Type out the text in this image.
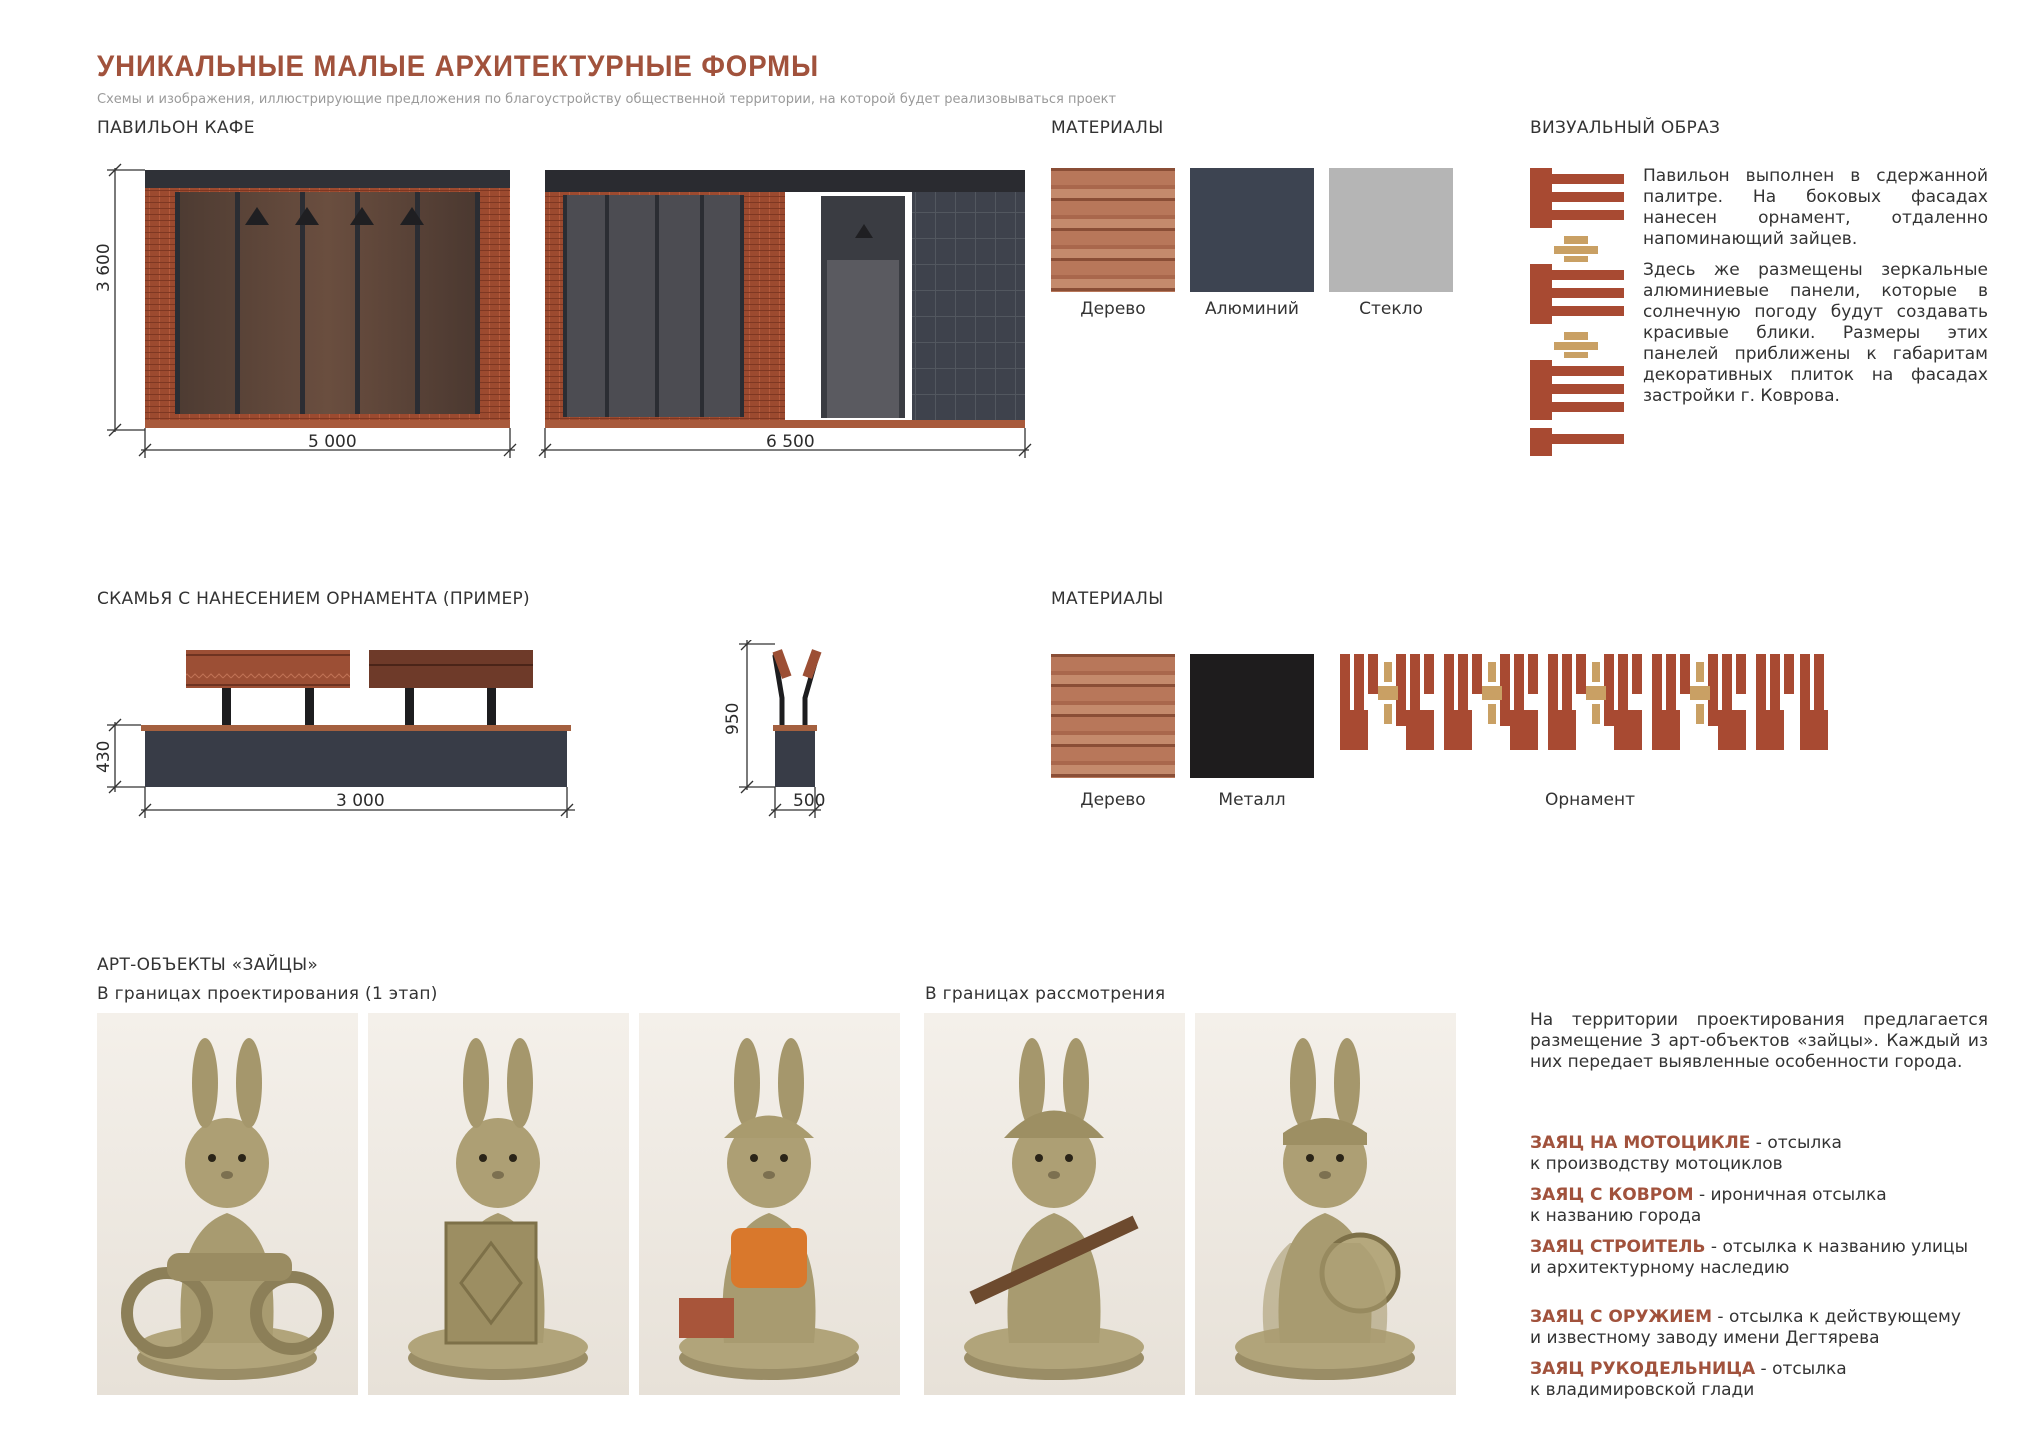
УНИКАЛЬНЫЕ МАЛЫЕ АРХИТЕКТУРНЫЕ ФОРМЫ
Схемы и изображения, иллюстрирующие предложения по благоустройству общественной территории, на которой будет реализовываться проект
ПАВИЛЬОН КАФЕ
3 600
5 000	6 500
МАТЕРИАЛЫ
Дерево	Алюминий	Стекло
ВИЗУАЛЬНЫЙ ОБРАЗ

Павильон выполнен в сдержанной палитре. На боковых фасадах нанесен орнамент, отдаленно напоминающий зайцев.

Здесь же размещены зеркальные алюминиевые панели, которые в солнечную погоду будут создавать красивые блики. Размеры этих панелей приближены к габаритам декоративных плиток на фасадах застройки г. Коврова.

СКАМЬЯ С НАНЕСЕНИЕМ ОРНАМЕНТА (ПРИМЕР)
430
3 000
950
500
МАТЕРИАЛЫ
Дерево	Металл	Орнамент
АРТ-ОБЪЕКТЫ «ЗАЙЦЫ»
В границах проектирования (1 этап)	В границах рассмотрения
На территории проектирования предлагается размещение 3 арт-объектов «зайцы». Каждый из них передает выявленные особенности города.
ЗАЯЦ НА МОТОЦИКЛЕ - отсылка
к производству мотоциклов
ЗАЯЦ С КОВРОМ - ироничная отсылка
к названию города
ЗАЯЦ СТРОИТЕЛЬ - отсылка к названию улицы
и архитектурному наследию
ЗАЯЦ С ОРУЖИЕМ - отсылка к действующему
и известному заводу имени Дегтярева
ЗАЯЦ РУКОДЕЛЬНИЦА - отсылка
к владимировской глади
